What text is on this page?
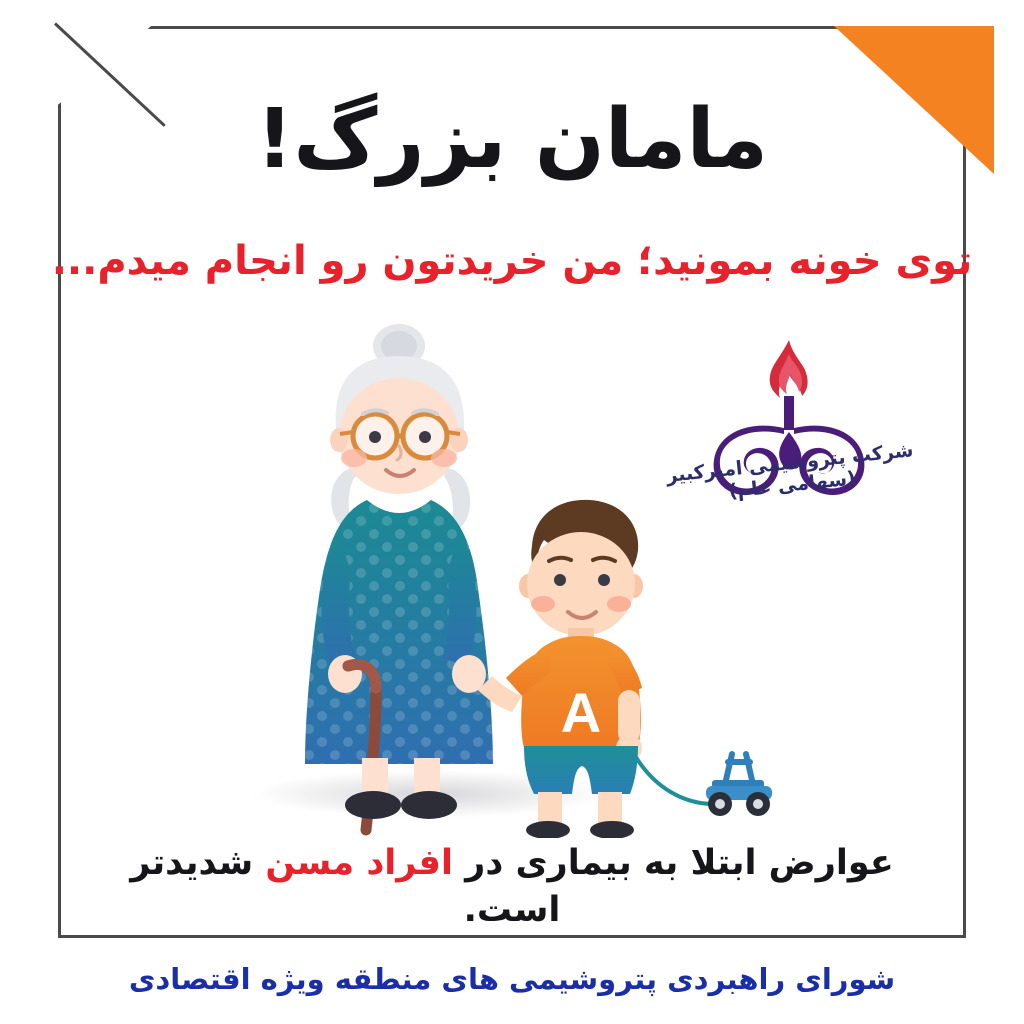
مامان بزرگ!
توی خونه بمونید؛ من خریدتون رو انجام میدم...
شرکت پتروشیمی امیرکبیر (سهامی عام)
A
عوارض ابتلا به بیماری در افراد مسن شدیدتر است.
شورای راهبردی پتروشیمی های منطقه ویژه اقتصادی
